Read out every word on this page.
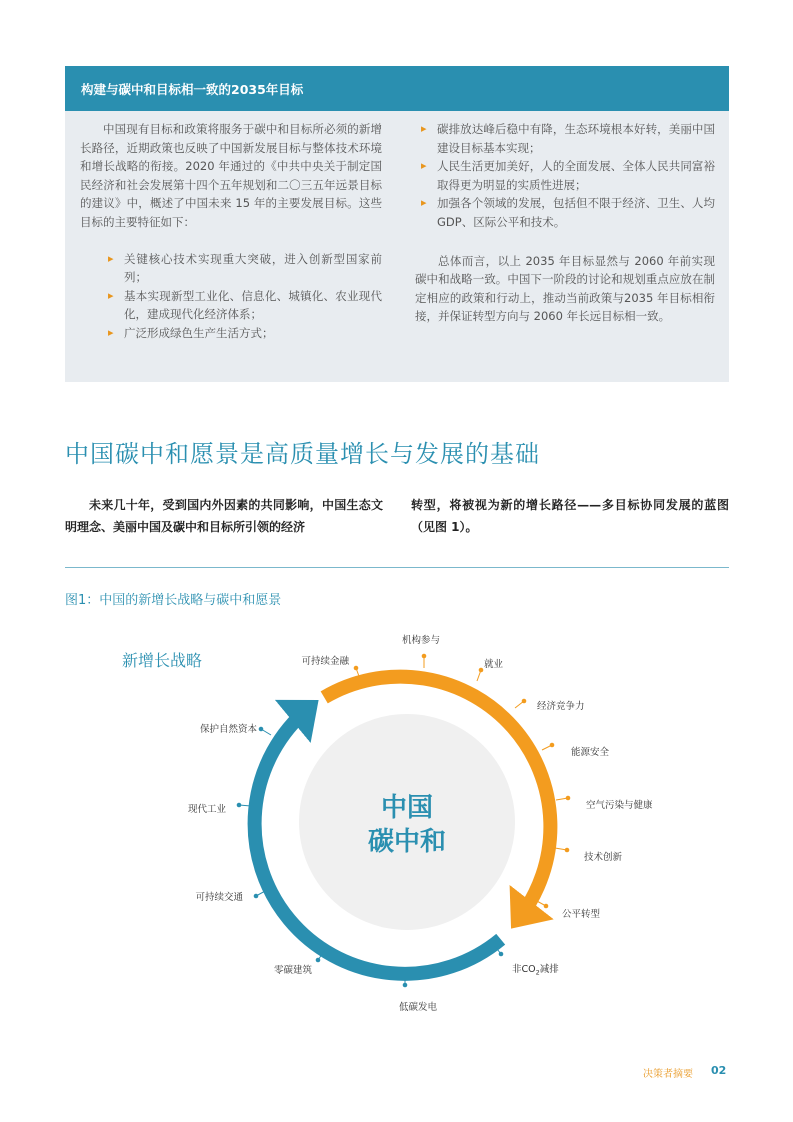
构建与碳中和目标相一致的2035年目标

中国现有目标和政策将服务于碳中和目标所必须的新增长路径，近期政策也反映了中国新发展目标与整体技术环境和增长战略的衔接。2020 年通过的《中共中央关于制定国民经济和社会发展第十四个五年规划和二〇三五年远景目标的建议》中，概述了中国未来 15 年的主要发展目标。这些目标的主要特征如下：

▸ 关键核心技术实现重大突破，进入创新型国家前列；
▸ 基本实现新型工业化、信息化、城镇化、农业现代化，建成现代化经济体系；
▸ 广泛形成绿色生产生活方式；
▸ 碳排放达峰后稳中有降，生态环境根本好转，美丽中国建设目标基本实现；
▸ 人民生活更加美好，人的全面发展、全体人民共同富裕取得更为明显的实质性进展；
▸ 加强各个领域的发展，包括但不限于经济、卫生、人均 GDP、区际公平和技术。

总体而言，以上 2035 年目标显然与 2060 年前实现碳中和战略一致。中国下一阶段的讨论和规划重点应放在制定相应的政策和行动上，推动当前政策与2035 年目标相衔接，并保证转型方向与 2060 年长远目标相一致。

中国碳中和愿景是高质量增长与发展的基础
未来几十年，受到国内外因素的共同影响，中国生态文明理念、美丽中国及碳中和目标所引领的经济
转型，将被视为新的增长路径——多目标协同发展的蓝图（见图 1）。
图1：中国的新增长战略与碳中和愿景
新增长战略
中国
碳中和
机构参与
就业
经济竞争力
能源安全
空气污染与健康
技术创新
公平转型
非$CO_2$减排
低碳发电
零碳建筑
可持续交通
现代工业
保护自然资本
可持续金融
决策者摘要 02
